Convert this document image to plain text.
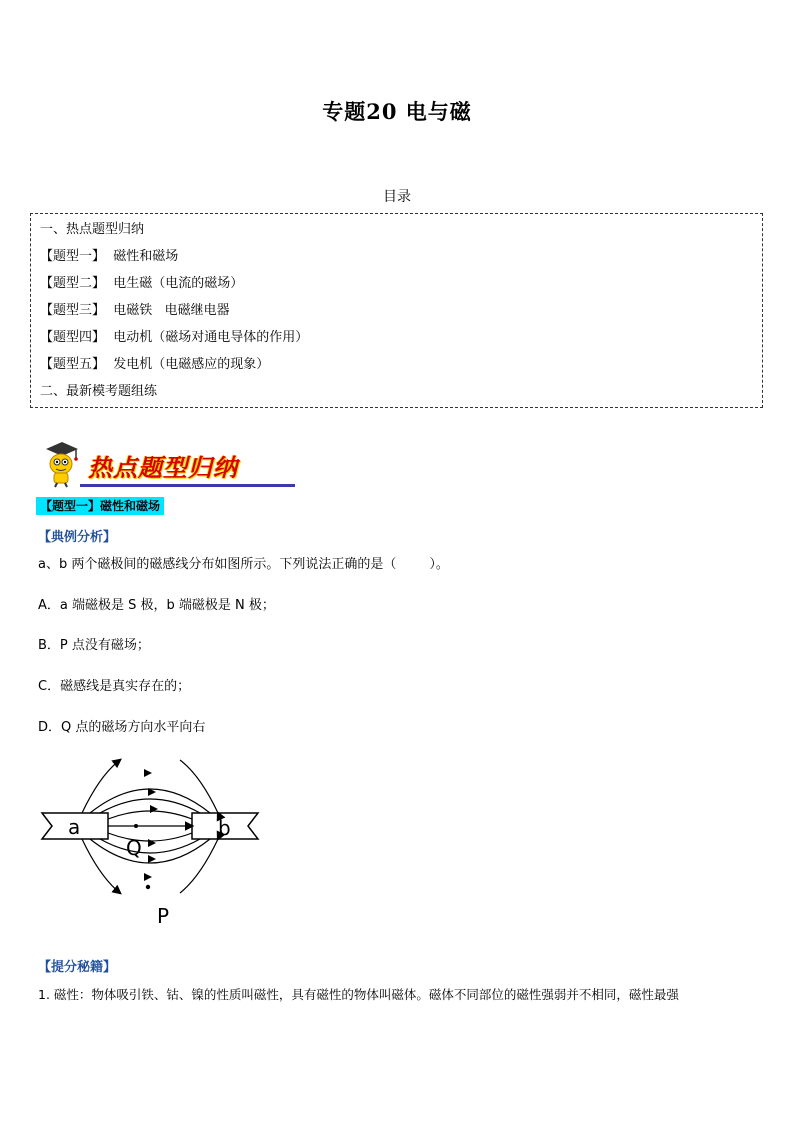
专题20 电与磁
目录
一、热点题型归纳
【题型一】  磁性和磁场
【题型二】  电生磁（电流的磁场）
【题型三】  电磁铁   电磁继电器
【题型四】  电动机（磁场对通电导体的作用）
【题型五】  发电机（电磁感应的现象）
二、最新模考题组练
热点题型归纳
【题型一】磁性和磁场
【典例分析】
a、b 两个磁极间的磁感线分布如图所示。下列说法正确的是（        ）。
A．a 端磁极是 S 极，b 端磁极是 N 极；
B．P 点没有磁场；
C．磁感线是真实存在的；
D．Q 点的磁场方向水平向右
a	b
Q
P
【提分秘籍】
1. 磁性：物体吸引铁、钴、镍的性质叫磁性，具有磁性的物体叫磁体。磁体不同部位的磁性强弱并不相同，磁性最强
